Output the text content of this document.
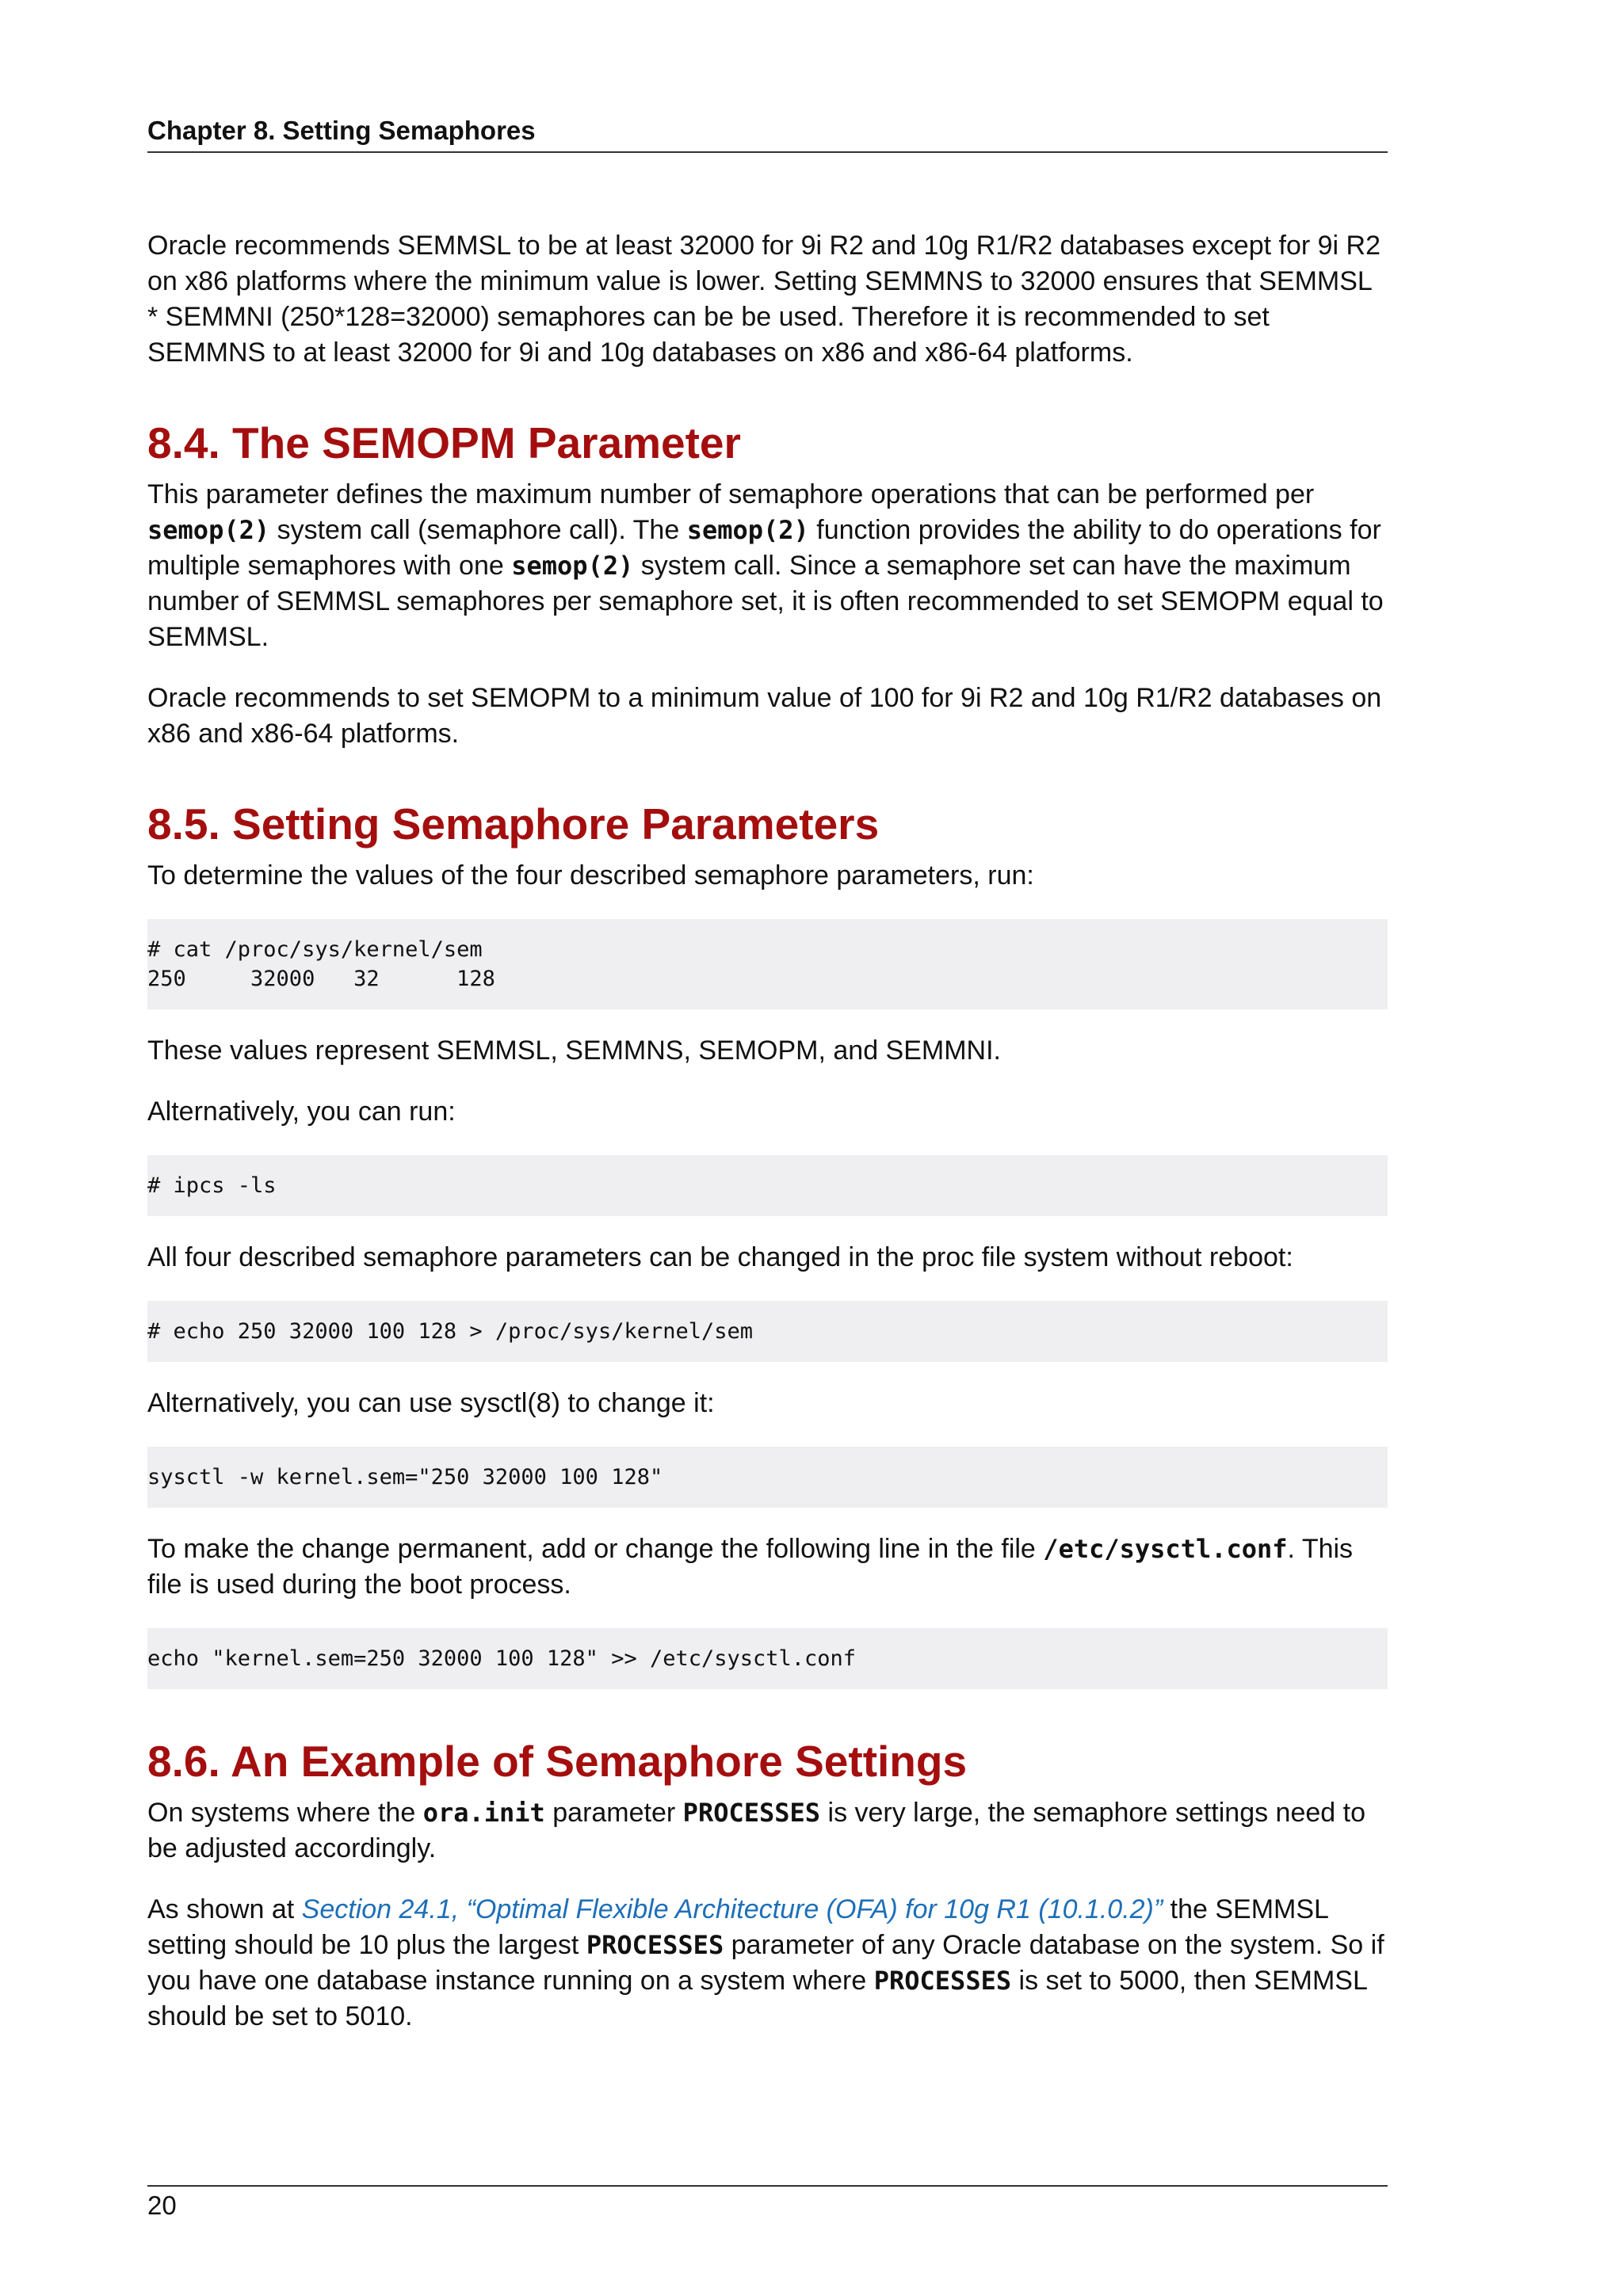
Chapter 8. Setting Semaphores

Oracle recommends SEMMSL to be at least 32000 for 9i R2 and 10g R1/R2 databases except for 9i R2 on x86 platforms where the minimum value is lower. Setting SEMMNS to 32000 ensures that SEMMSL * SEMMNI (250*128=32000) semaphores can be be used. Therefore it is recommended to set SEMMNS to at least 32000 for 9i and 10g databases on x86 and x86-64 platforms.

8.4. The SEMOPM Parameter

This parameter defines the maximum number of semaphore operations that can be performed per semop(2) system call (semaphore call). The semop(2) function provides the ability to do operations for multiple semaphores with one semop(2) system call. Since a semaphore set can have the maximum number of SEMMSL semaphores per semaphore set, it is often recommended to set SEMOPM equal to SEMMSL.

Oracle recommends to set SEMOPM to a minimum value of 100 for 9i R2 and 10g R1/R2 databases on x86 and x86-64 platforms.

8.5. Setting Semaphore Parameters

To determine the values of the four described semaphore parameters, run:

# cat /proc/sys/kernel/sem
250     32000   32      128

These values represent SEMMSL, SEMMNS, SEMOPM, and SEMMNI.

Alternatively, you can run:

# ipcs -ls

All four described semaphore parameters can be changed in the proc file system without reboot:

# echo 250 32000 100 128 > /proc/sys/kernel/sem

Alternatively, you can use sysctl(8) to change it:

sysctl -w kernel.sem="250 32000 100 128"

To make the change permanent, add or change the following line in the file /etc/sysctl.conf. This file is used during the boot process.

echo "kernel.sem=250 32000 100 128" >> /etc/sysctl.conf
8.6. An Example of Semaphore Settings

On systems where the ora.init parameter PROCESSES is very large, the semaphore settings need to be adjusted accordingly.

As shown at Section 24.1, “Optimal Flexible Architecture (OFA) for 10g R1 (10.1.0.2)” the SEMMSL setting should be 10 plus the largest PROCESSES parameter of any Oracle database on the system. So if you have one database instance running on a system where PROCESSES is set to 5000, then SEMMSL should be set to 5010.

20
